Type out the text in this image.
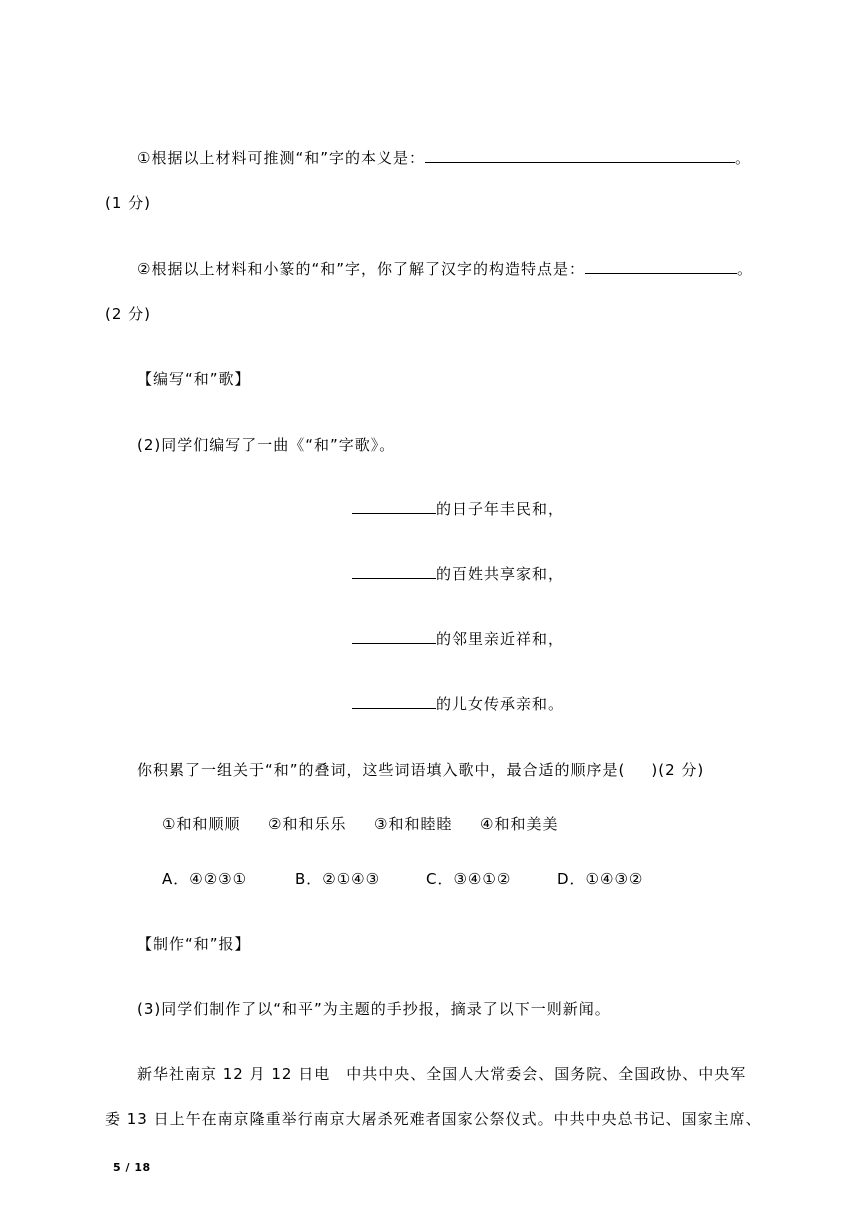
①根据以上材料可推测“和”字的本义是：	。
(1 分)
②根据以上材料和小篆的“和”字，你了解了汉字的构造特点是：	。
(2 分)
【编写“和”歌】
(2)同学们编写了一曲《“和”字歌》。
的日子年丰民和，
的百姓共享家和，
的邻里亲近祥和，
的儿女传承亲和。
你积累了一组关于“和”的叠词，这些词语填入歌中，最合适的顺序是( )(2 分)
①和和顺顺 ②和和乐乐 ③和和睦睦 ④和和美美
A．④②③①	B．②①④③	C．③④①②	D．①④③②
【制作“和”报】
(3)同学们制作了以“和平”为主题的手抄报，摘录了以下一则新闻。
新华社南京 12 月 12 日电　中共中央、全国人大常委会、国务院、全国政协、中央军
委 13 日上午在南京隆重举行南京大屠杀死难者国家公祭仪式。中共中央总书记、国家主席、
5 / 18
